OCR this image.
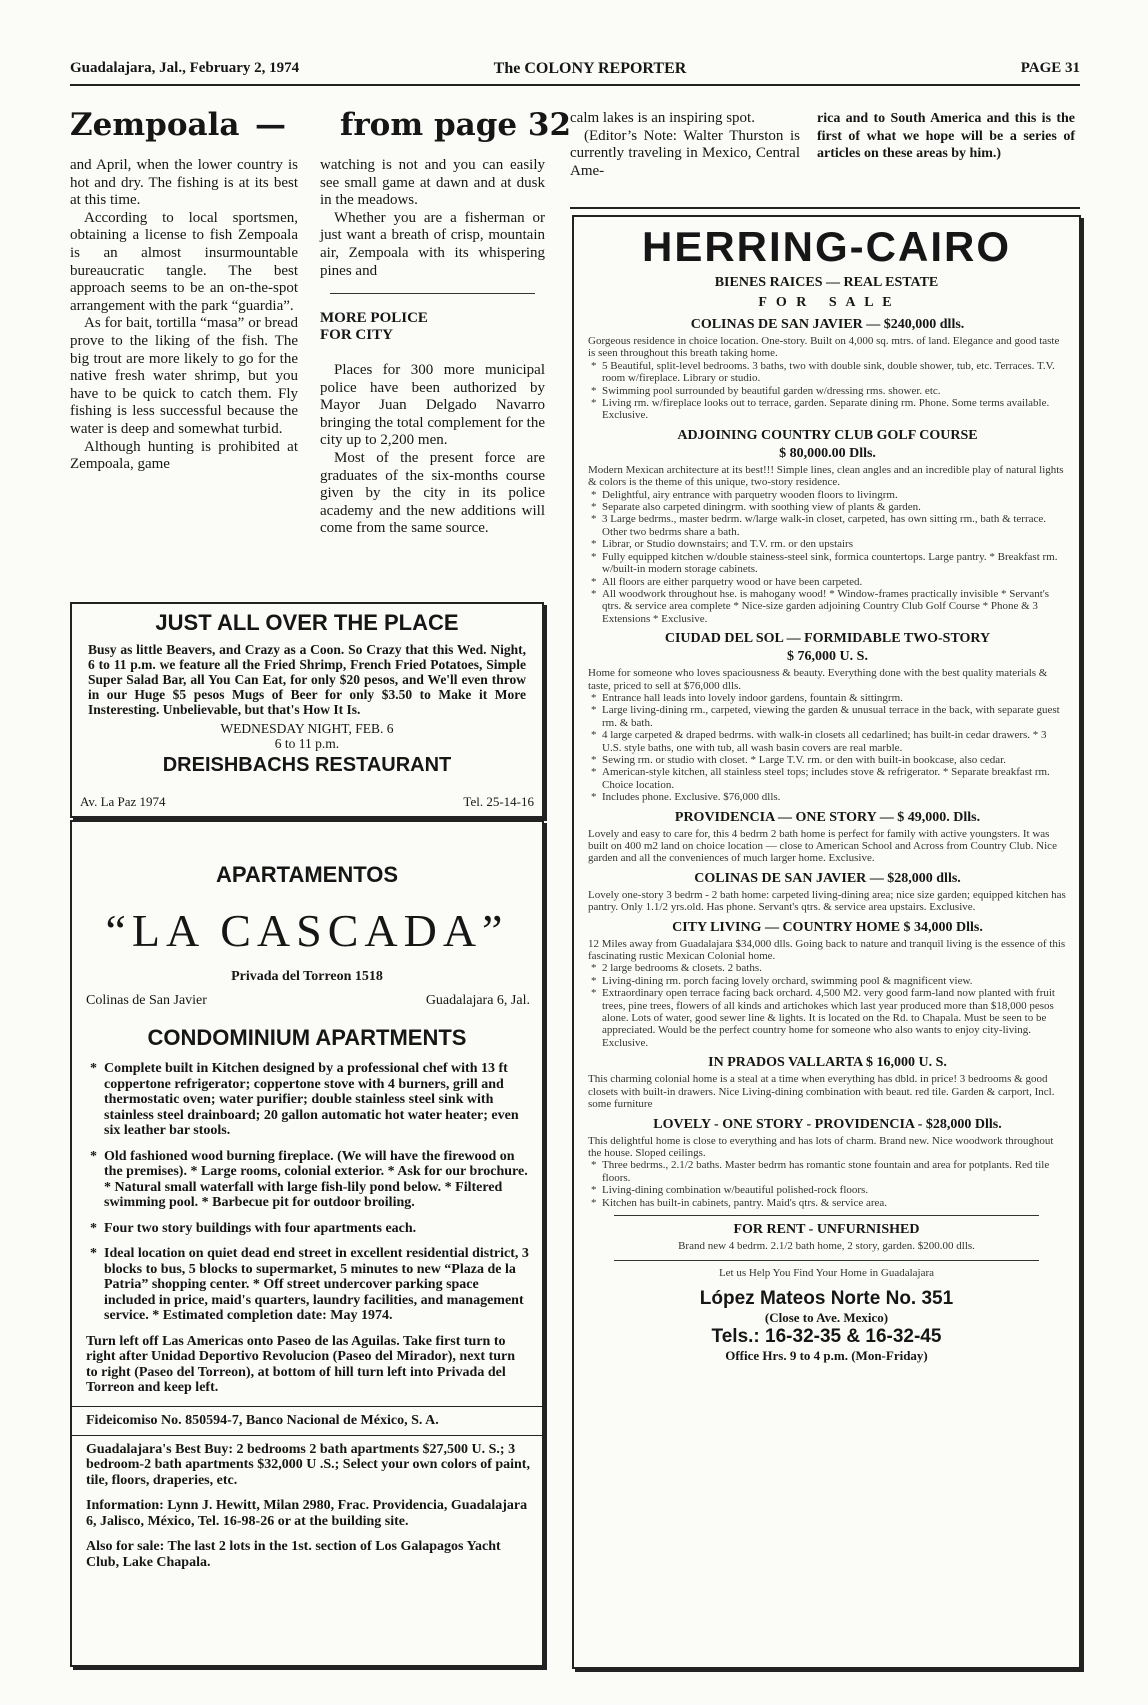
Guadalajara, Jal., February 2, 1974	The COLONY REPORTER	PAGE 31
Zempoala — from page 32

and April, when the lower country is hot and dry. The fishing is at its best at this time.

According to local sportsmen, obtaining a license to fish Zempoala is an almost insurmountable bureaucratic tangle. The best approach seems to be an on-the-spot arrangement with the park “guardia”.

As for bait, tortilla “masa” or bread prove to the liking of the fish. The big trout are more likely to go for the native fresh water shrimp, but you have to be quick to catch them. Fly fishing is less successful because the water is deep and somewhat turbid.

Although hunting is prohibited at Zempoala, game

watching is not and you can easily see small game at dawn and at dusk in the meadows.

Whether you are a fisherman or just want a breath of crisp, mountain air, Zempoala with its whispering pines and

MORE POLICE
FOR CITY

Places for 300 more municipal police have been authorized by Mayor Juan Delgado Navarro bringing the total complement for the city up to 2,200 men.

Most of the present force are graduates of the six-months course given by the city in its police academy and the new additions will come from the same source.

calm lakes is an inspiring spot.

(Editor’s Note: Walter Thurston is currently traveling in Mexico, Central Ame-

rica and to South America and this is the first of what we hope will be a series of articles on these areas by him.)
JUST ALL OVER THE PLACE
Busy as little Beavers, and Crazy as a Coon. So Crazy that this Wed. Night, 6 to 11 p.m. we feature all the Fried Shrimp, French Fried Potatoes, Simple Super Salad Bar, all You Can Eat, for only $20 pesos, and We'll even throw in our Huge $5 pesos Mugs of Beer for only $3.50 to Make it More Insteresting. Unbelievable, but that's How It Is.
WEDNESDAY NIGHT, FEB. 6
6 to 11 p.m.
DREISHBACHS RESTAURANT
Av. La Paz 1974	Tel. 25-14-16
APARTAMENTOS
“LA CASCADA”
Privada del Torreon 1518
Colinas de San Javier	Guadalajara 6, Jal.
CONDOMINIUM APARTMENTS
* Complete built in Kitchen designed by a professional chef with 13 ft coppertone refrigerator; coppertone stove with 4 burners, grill and thermostatic oven; water purifier; double stainless steel sink with stainless steel drainboard; 20 gallon automatic hot water heater; even six leather bar stools.
* Old fashioned wood burning fireplace. (We will have the firewood on the premises). * Large rooms, colonial exterior. * Ask for our brochure. * Natural small waterfall with large fish-lily pond below. * Filtered swimming pool. * Barbecue pit for outdoor broiling.
* Four two story buildings with four apartments each.
* Ideal location on quiet dead end street in excellent residential district, 3 blocks to bus, 5 blocks to supermarket, 5 minutes to new “Plaza de la Patria” shopping center. * Off street undercover parking space included in price, maid's quarters, laundry facilities, and management service. * Estimated completion date: May 1974.

Turn left off Las Americas onto Paseo de las Aguilas. Take first turn to right after Unidad Deportivo Revolucion (Paseo del Mirador), next turn to right (Paseo del Torreon), at bottom of hill turn left into Privada del Torreon and keep left.

Fideicomiso No. 850594-7, Banco Nacional de México, S. A.

Guadalajara's Best Buy: 2 bedrooms 2 bath apartments $27,500 U. S.; 3 bedroom-2 bath apartments $32,000 U .S.; Select your own colors of paint, tile, floors, draperies, etc.

Information: Lynn J. Hewitt, Milan 2980, Frac. Providencia, Guadalajara 6, Jalisco, México, Tel. 16-98-26 or at the building site.

Also for sale: The last 2 lots in the 1st. section of Los Galapagos Yacht Club, Lake Chapala.

HERRING-CAIRO
BIENES RAICES — REAL ESTATE
F O R   S A L E
COLINAS DE SAN JAVIER — $240,000 dlls.

Gorgeous residence in choice location. One-story. Built on 4,000 sq. mtrs. of land. Elegance and good taste is seen throughout this breath taking home.

* 5 Beautiful, split-level bedrooms. 3 baths, two with double sink, double shower, tub, etc. Terraces. T.V. room w/fireplace. Library or studio.
* Swimming pool surrounded by beautiful garden w/dressing rms. shower. etc.
* Living rm. w/fireplace looks out to terrace, garden. Separate dining rm. Phone. Some terms available. Exclusive.
ADJOINING COUNTRY CLUB GOLF COURSE
$ 80,000.00 Dlls.

Modern Mexican architecture at its best!!! Simple lines, clean angles and an incredible play of natural lights & colors is the theme of this unique, two-story residence.

* Delightful, airy entrance with parquetry wooden floors to livingrm.
* Separate also carpeted diningrm. with soothing view of plants & garden.
* 3 Large bedrms., master bedrm. w/large walk-in closet, carpeted, has own sitting rm., bath & terrace. Other two bedrms share a bath.
* Librar, or Studio downstairs; and T.V. rm. or den upstairs
* Fully equipped kitchen w/double stainess-steel sink, formica countertops. Large pantry. * Breakfast rm. w/built-in modern storage cabinets.
* All floors are either parquetry wood or have been carpeted.
* All woodwork throughout hse. is mahogany wood! * Window-frames practically invisible * Servant's qtrs. & service area complete * Nice-size garden adjoining Country Club Golf Course * Phone & 3 Extensions * Exclusive.
CIUDAD DEL SOL — FORMIDABLE TWO-STORY
$ 76,000 U. S.

Home for someone who loves spaciousness & beauty. Everything done with the best quality materials & taste, priced to sell at $76,000 dlls.

* Entrance hall leads into lovely indoor gardens, fountain & sittingrm.
* Large living-dining rm., carpeted, viewing the garden & unusual terrace in the back, with separate guest rm. & bath.
* 4 large carpeted & draped bedrms. with walk-in closets all cedarlined; has built-in cedar drawers. * 3 U.S. style baths, one with tub, all wash basin covers are real marble.
* Sewing rm. or studio with closet. * Large T.V. rm. or den with built-in bookcase, also cedar.
* American-style kitchen, all stainless steel tops; includes stove & refrigerator. * Separate breakfast rm. Choice location.
* Includes phone. Exclusive. $76,000 dlls.
PROVIDENCIA — ONE STORY — $ 49,000. Dlls.

Lovely and easy to care for, this 4 bedrm 2 bath home is perfect for family with active youngsters. It was built on 400 m2 land on choice location — close to American School and Across from Country Club. Nice garden and all the conveniences of much larger home. Exclusive.

COLINAS DE SAN JAVIER — $28,000 dlls.

Lovely one-story 3 bedrm - 2 bath home: carpeted living-dining area; nice size garden; equipped kitchen has pantry. Only 1.1/2 yrs.old. Has phone. Servant's qtrs. & service area upstairs. Exclusive.

CITY LIVING — COUNTRY HOME $ 34,000 Dlls.

12 Miles away from Guadalajara $34,000 dlls. Going back to nature and tranquil living is the essence of this fascinating rustic Mexican Colonial home.

* 2 large bedrooms & closets. 2 baths.
* Living-dining rm. porch facing lovely orchard, swimming pool & magnificent view.
* Extraordinary open terrace facing back orchard. 4,500 M2. very good farm-land now planted with fruit trees, pine trees, flowers of all kinds and artichokes which last year produced more than $18,000 pesos alone. Lots of water, good sewer line & lights. It is located on the Rd. to Chapala. Must be seen to be appreciated. Would be the perfect country home for someone who also wants to enjoy city-living. Exclusive.
IN PRADOS VALLARTA $ 16,000 U. S.

This charming colonial home is a steal at a time when everything has dbld. in price! 3 bedrooms & good closets with built-in drawers. Nice Living-dining combination with beaut. red tile. Garden & carport, Incl. some furniture

LOVELY - ONE STORY - PROVIDENCIA - $28,000 Dlls.

This delightful home is close to everything and has lots of charm. Brand new. Nice woodwork throughout the house. Sloped ceilings.

* Three bedrms., 2.1/2 baths. Master bedrm has romantic stone fountain and area for potplants. Red tile floors.
* Living-dining combination w/beautiful polished-rock floors.
* Kitchen has built-in cabinets, pantry. Maid's qtrs. & service area.
FOR RENT - UNFURNISHED
Brand new 4 bedrm. 2.1/2 bath home, 2 story, garden. $200.00 dlls.
Let us Help You Find Your Home in Guadalajara
López Mateos Norte No. 351
(Close to Ave. Mexico)
Tels.: 16-32-35 & 16-32-45
Office Hrs. 9 to 4 p.m. (Mon-Friday)
